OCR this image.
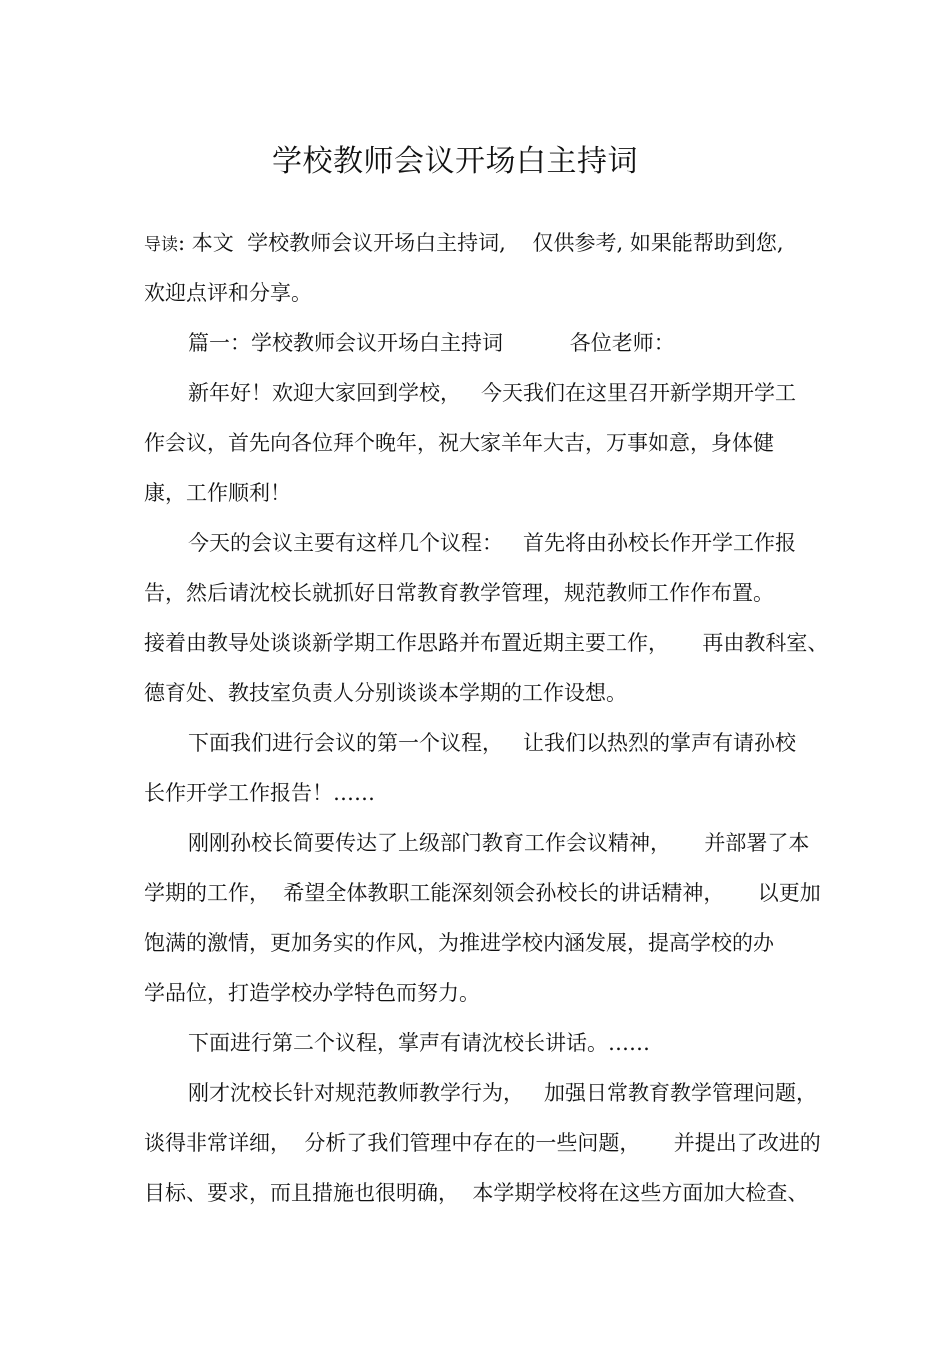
学校教师会议开场白主持词
导读: 本文  学校教师会议开场白主持词,    仅供参考, 如果能帮助到您,
欢迎点评和分享。
篇一：学校教师会议开场白主持词          各位老师：
新年好！欢迎大家回到学校，   今天我们在这里召开新学期开学工
作会议，首先向各位拜个晚年，祝大家羊年大吉，万事如意，身体健
康，工作顺利！
今天的会议主要有这样几个议程：   首先将由孙校长作开学工作报
告，然后请沈校长就抓好日常教育教学管理，规范教师工作作布置。
接着由教导处谈谈新学期工作思路并布置近期主要工作，     再由教科室、
德育处、教技室负责人分别谈谈本学期的工作设想。
下面我们进行会议的第一个议程，   让我们以热烈的掌声有请孙校
长作开学工作报告！……
刚刚孙校长简要传达了上级部门教育工作会议精神，     并部署了本
学期的工作，  希望全体教职工能深刻领会孙校长的讲话精神，     以更加
饱满的激情，更加务实的作风，为推进学校内涵发展，提高学校的办
学品位，打造学校办学特色而努力。
下面进行第二个议程，掌声有请沈校长讲话。……
刚才沈校长针对规范教师教学行为，   加强日常教育教学管理问题，
谈得非常详细，  分析了我们管理中存在的一些问题，     并提出了改进的
目标、要求，而且措施也很明确，  本学期学校将在这些方面加大检查、
